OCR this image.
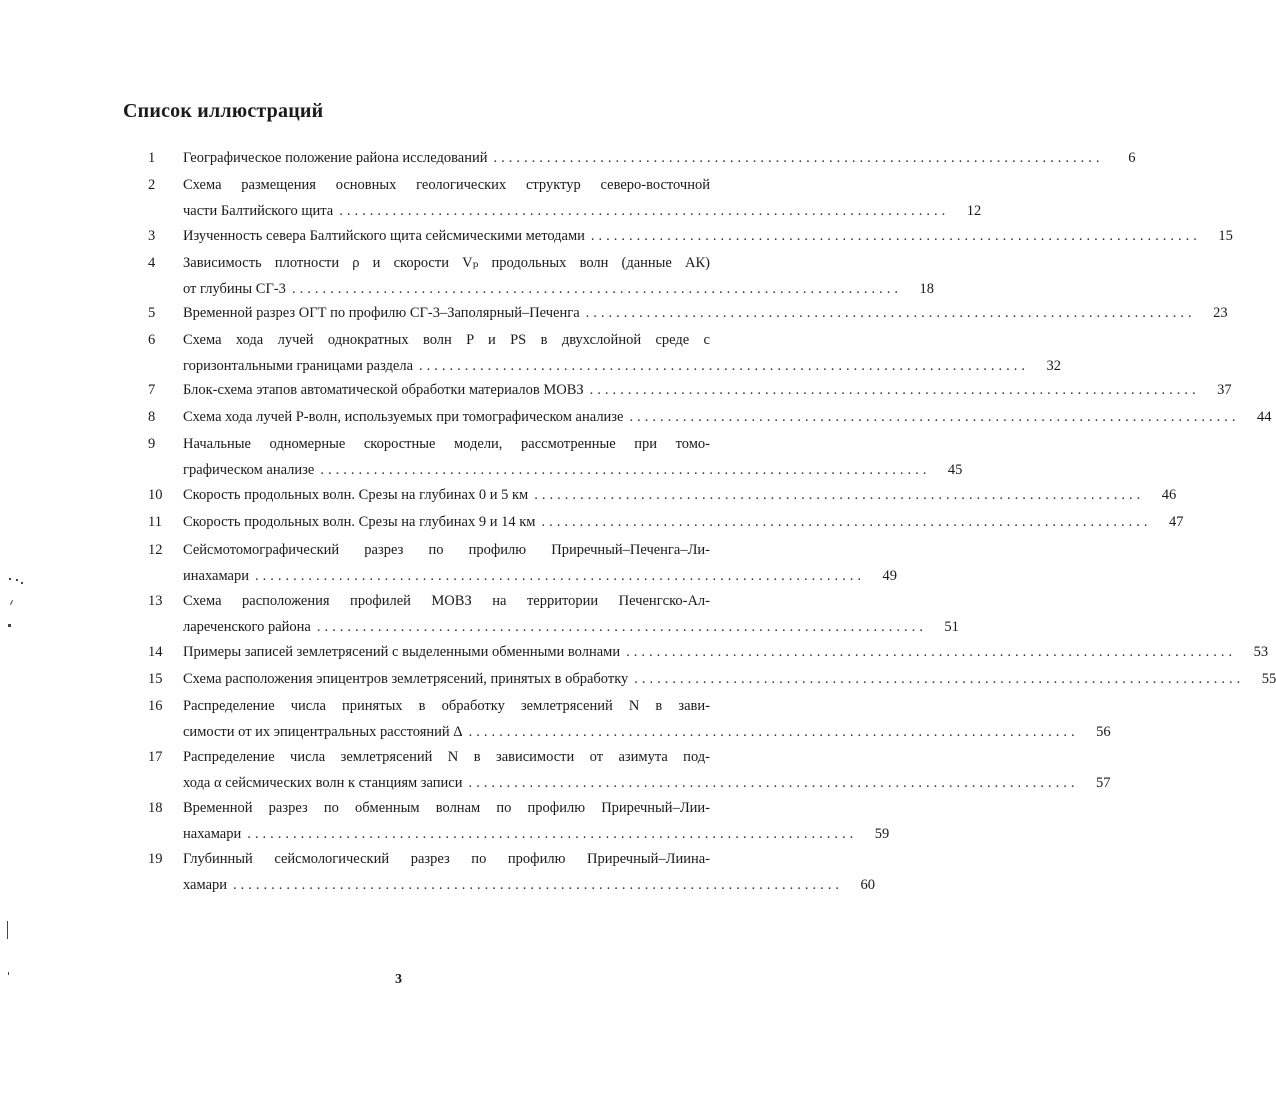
Список иллюстраций
1	Географическое положение района исследований ................................................................................	6
2	Схема размещения основных геологических структур северо-восточной
части Балтийского щита ................................................................................	12
3	Изученность севера Балтийского щита сейсмическими методами ................................................................................	15
4	Зависимость плотности ρ и скорости Vₚ продольных волн (данные АК)
от глубины СГ-3 ................................................................................	18
5	Временной разрез ОГТ по профилю СГ-3–Заполярный–Печенга ................................................................................	23
6	Схема хода лучей однократных волн P и PS в двухслойной среде с
горизонтальными границами раздела ................................................................................	32
7	Блок-схема этапов автоматической обработки материалов МОВЗ ................................................................................	37
8	Схема хода лучей P-волн, используемых при томографическом анализе ................................................................................	44
9	Начальные одномерные скоростные модели, рассмотренные при томо-
графическом анализе ................................................................................	45
10	Скорость продольных волн. Срезы на глубинах 0 и 5 км ................................................................................	46
11	Скорость продольных волн. Срезы на глубинах 9 и 14 км ................................................................................	47
12	Сейсмотомографический разрез по профилю Приречный–Печенга–Ли-
инахамари ................................................................................	49
13	Схема расположения профилей МОВЗ на территории Печенгско-Ал-
лареченского района ................................................................................	51
14	Примеры записей землетрясений с выделенными обменными волнами ................................................................................	53
15	Схема расположения эпицентров землетрясений, принятых в обработку ................................................................................	55
16	Распределение числа принятых в обработку землетрясений N в зави-
симости от их эпицентральных расстояний Δ ................................................................................	56
17	Распределение числа землетрясений N в зависимости от азимута под-
хода α сейсмических волн к станциям записи ................................................................................	57
18	Временной разрез по обменным волнам по профилю Приречный–Лии-
нахамари ................................................................................	59
19	Глубинный сейсмологический разрез по профилю Приречный–Лиина-
хамари ................................................................................	60
3
